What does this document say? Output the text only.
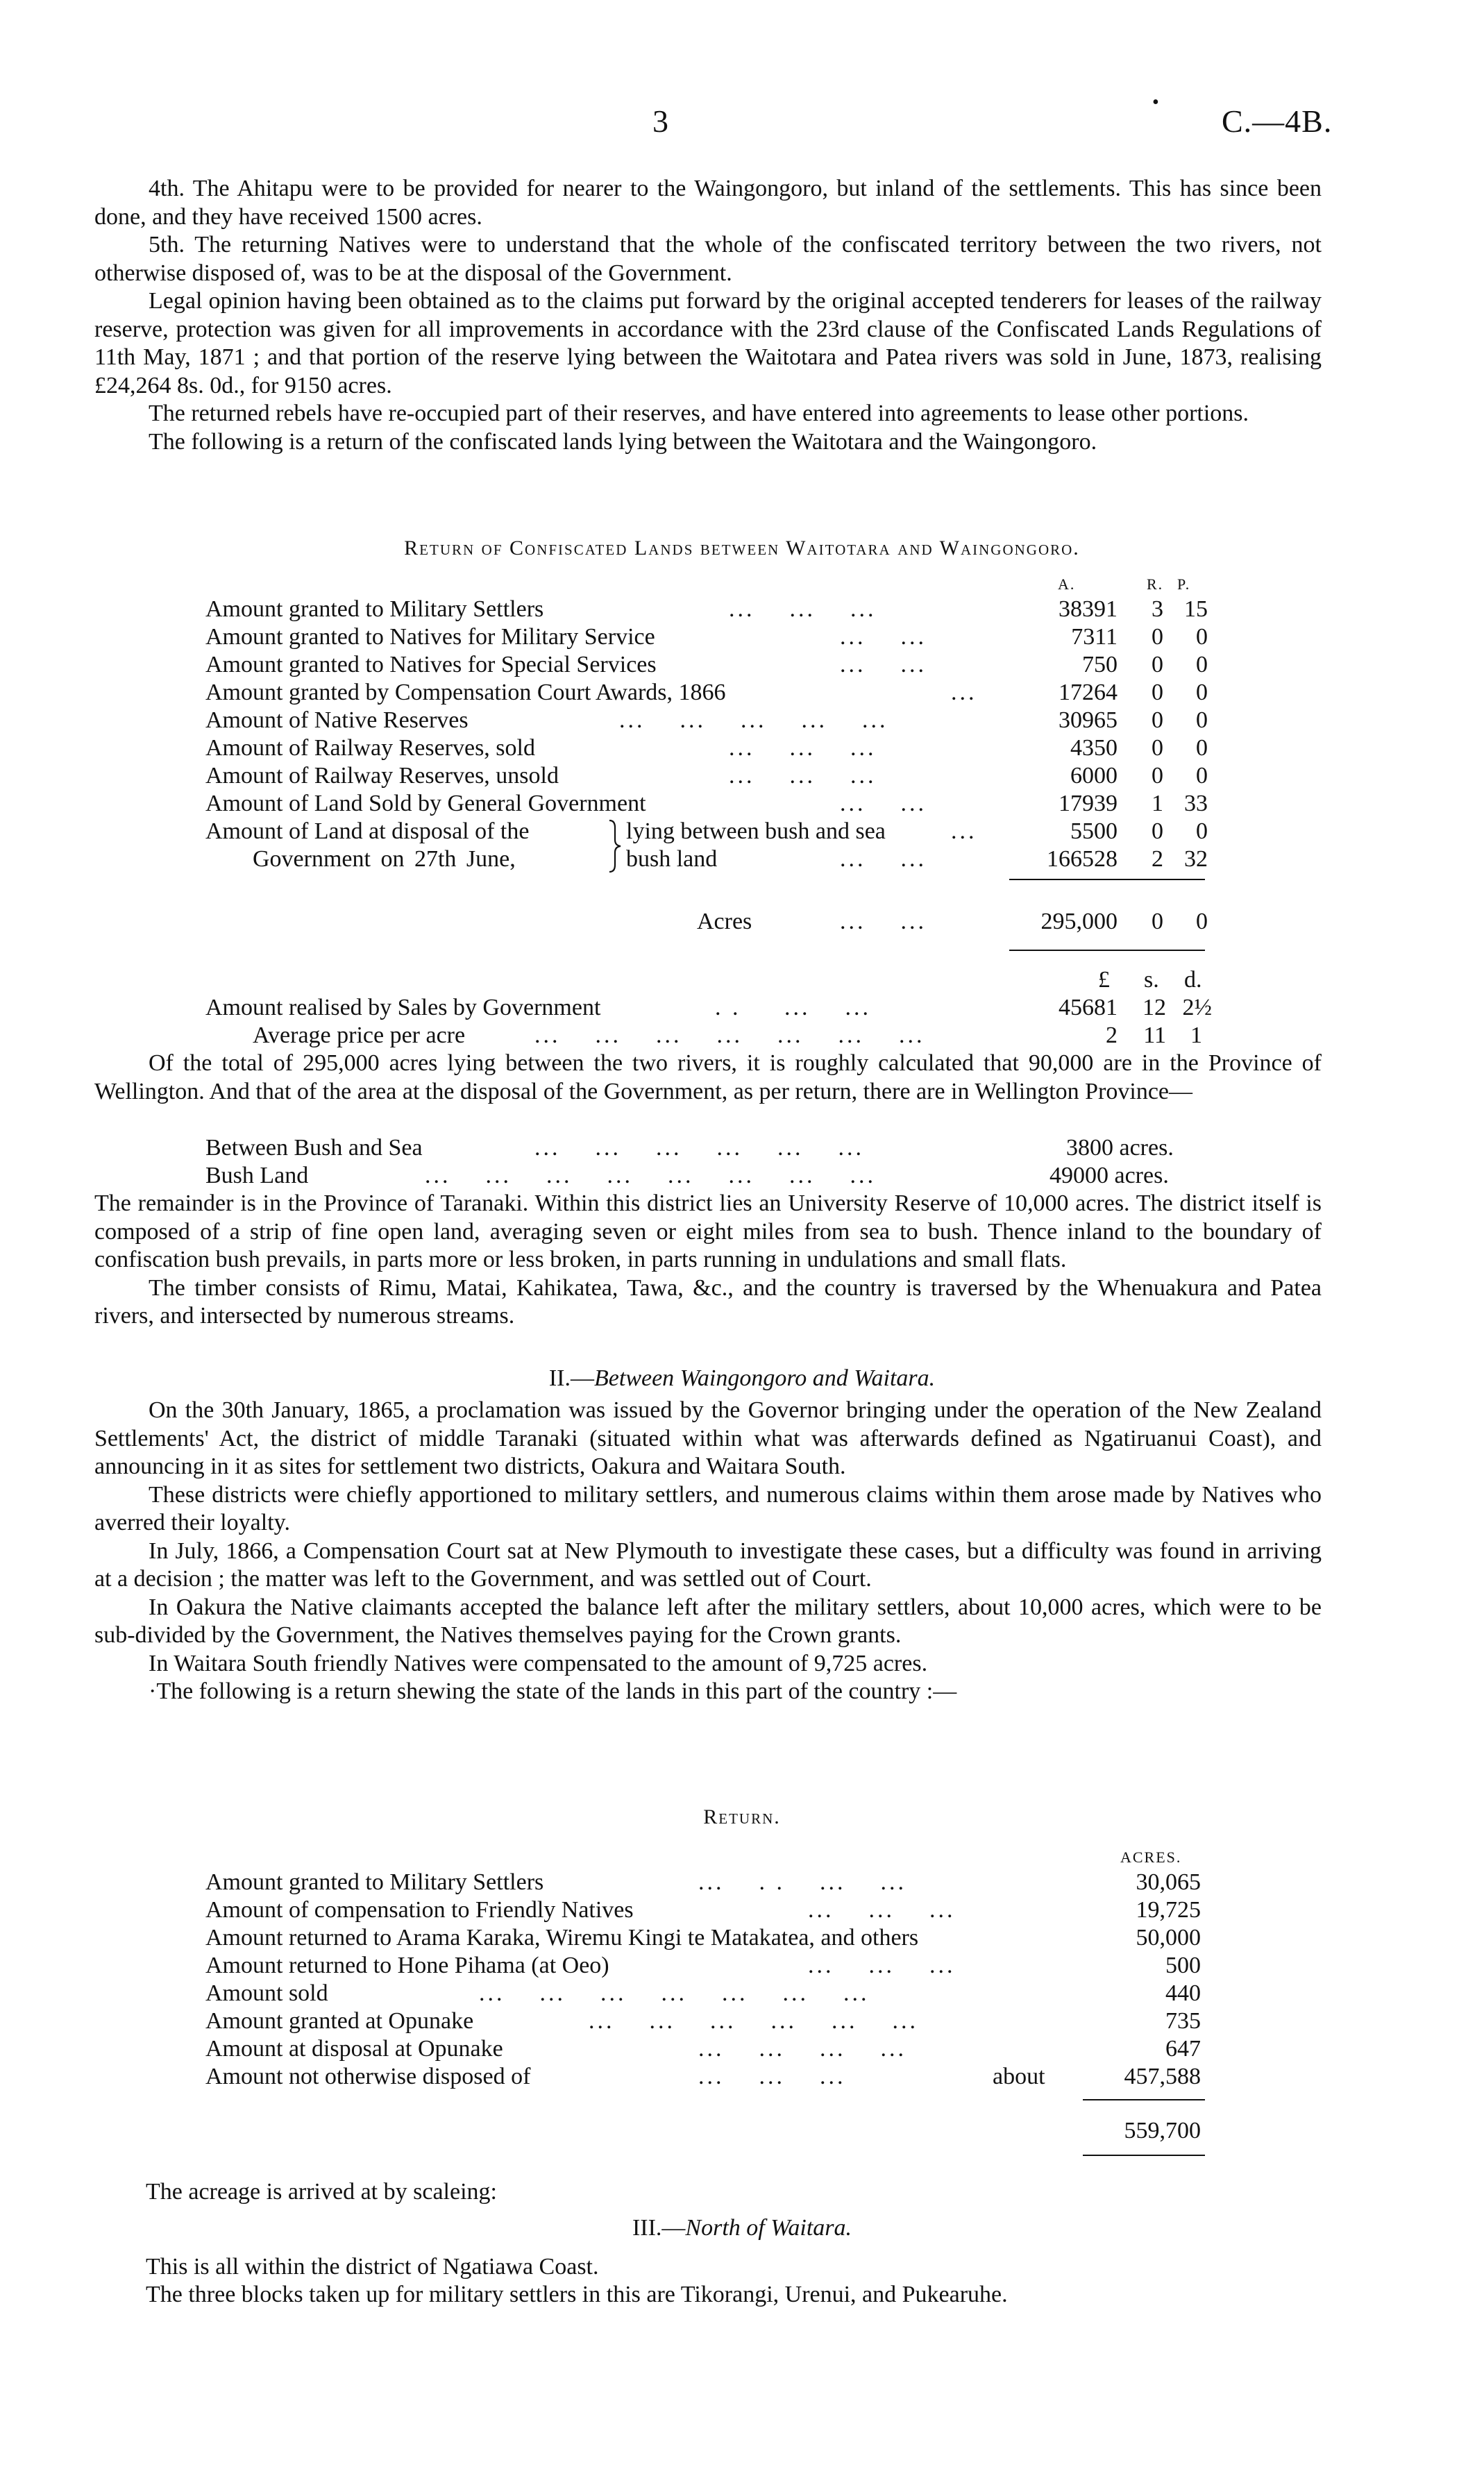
3
•
C.—4B.

4th. The Ahitapu were to be provided for nearer to the Waingongoro, but inland of the settlements. This has since been done, and they have received 1500 acres.

5th. The returning Natives were to understand that the whole of the confiscated territory between the two rivers, not otherwise disposed of, was to be at the disposal of the Government.

Legal opinion having been obtained as to the claims put forward by the original accepted tenderers for leases of the railway reserve, protection was given for all improvements in accordance with the 23rd clause of the Confiscated Lands Regulations of 11th May, 1871 ; and that portion of the reserve lying between the Waitotara and Patea rivers was sold in June, 1873, realising £24,264 8s. 0d., for 9150 acres.

The returned rebels have re-occupied part of their reserves, and have entered into agreements to lease other portions.

The following is a return of the confiscated lands lying between the Waitotara and the Waingongoro.

Return of Confiscated Lands between Waitotara and Waingongoro.
A.	R. P.
Amount granted to Military Settlers	...    ...    ...	38391	3 15
Amount granted to Natives for Military Service	...    ...	7311	0	0
Amount granted to Natives for Special Services	...    ...	750	0	0
Amount granted by Compensation Court Awards, 1866	...	17264	0	0
Amount of Native Reserves	...    ...    ...    ...    ...	30965	0	0
Amount of Railway Reserves, sold	...    ...    ...	4350	0	0
Amount of Railway Reserves, unsold	...    ...    ...	6000	0	0
Amount of Land Sold by General Government	...    ...	17939	1 33
Amount of Land at disposal of the	lying between bush and sea	...	5500	0	0
Government on 27th June,	bush land	...    ...	166528	2 32
Acres	...    ...	295,000	0	0
£ s. d.
Amount realised by Sales by Government	. .     ...    ...	45681	12 2½
Average price per acre	...    ...    ...    ...    ...    ...    ...	2	11	1

Of the total of 295,000 acres lying between the two rivers, it is roughly calculated that 90,000 are in the Province of Wellington. And that of the area at the disposal of the Government, as per return, there are in Wellington Province—

Between Bush and Sea	...    ...    ...    ...    ...    ...	3800 acres.
Bush Land	...    ...    ...    ...    ...    ...    ...    ...	49000 acres.

The remainder is in the Province of Taranaki. Within this district lies an University Reserve of 10,000 acres. The district itself is composed of a strip of fine open land, averaging seven or eight miles from sea to bush. Thence inland to the boundary of confiscation bush prevails, in parts more or less broken, in parts running in undulations and small flats.

The timber consists of Rimu, Matai, Kahikatea, Tawa, &c., and the country is traversed by the Whenuakura and Patea rivers, and intersected by numerous streams.

II.—Between Waingongoro and Waitara.

On the 30th January, 1865, a proclamation was issued by the Governor bringing under the operation of the New Zealand Settlements' Act, the district of middle Taranaki (situated within what was afterwards defined as Ngatiruanui Coast), and announcing in it as sites for settlement two districts, Oakura and Waitara South.

These districts were chiefly apportioned to military settlers, and numerous claims within them arose made by Natives who averred their loyalty.

In July, 1866, a Compensation Court sat at New Plymouth to investigate these cases, but a difficulty was found in arriving at a decision ; the matter was left to the Government, and was settled out of Court.

In Oakura the Native claimants accepted the balance left after the military settlers, about 10,000 acres, which were to be sub-divided by the Government, the Natives themselves paying for the Crown grants.

In Waitara South friendly Natives were compensated to the amount of 9,725 acres.

·The following is a return shewing the state of the lands in this part of the country :—

Return.
ACRES.
Amount granted to Military Settlers	...    . .    ...    ...	30,065
Amount of compensation to Friendly Natives	...    ...    ...	19,725
Amount returned to Arama Karaka, Wiremu Kingi te Matakatea, and others	50,000
Amount returned to Hone Pihama (at Oeo)	...    ...    ...	500
Amount sold	...    ...    ...    ...    ...    ...    ...	440
Amount granted at Opunake	...    ...    ...    ...    ...    ...	735
Amount at disposal at Opunake	...    ...    ...    ...	647
Amount not otherwise disposed of	...    ...    ...	about	457,588
559,700
The acreage is arrived at by scaleing:
III.—North of Waitara.
This is all within the district of Ngatiawa Coast.
The three blocks taken up for military settlers in this are Tikorangi, Urenui, and Pukearuhe.
